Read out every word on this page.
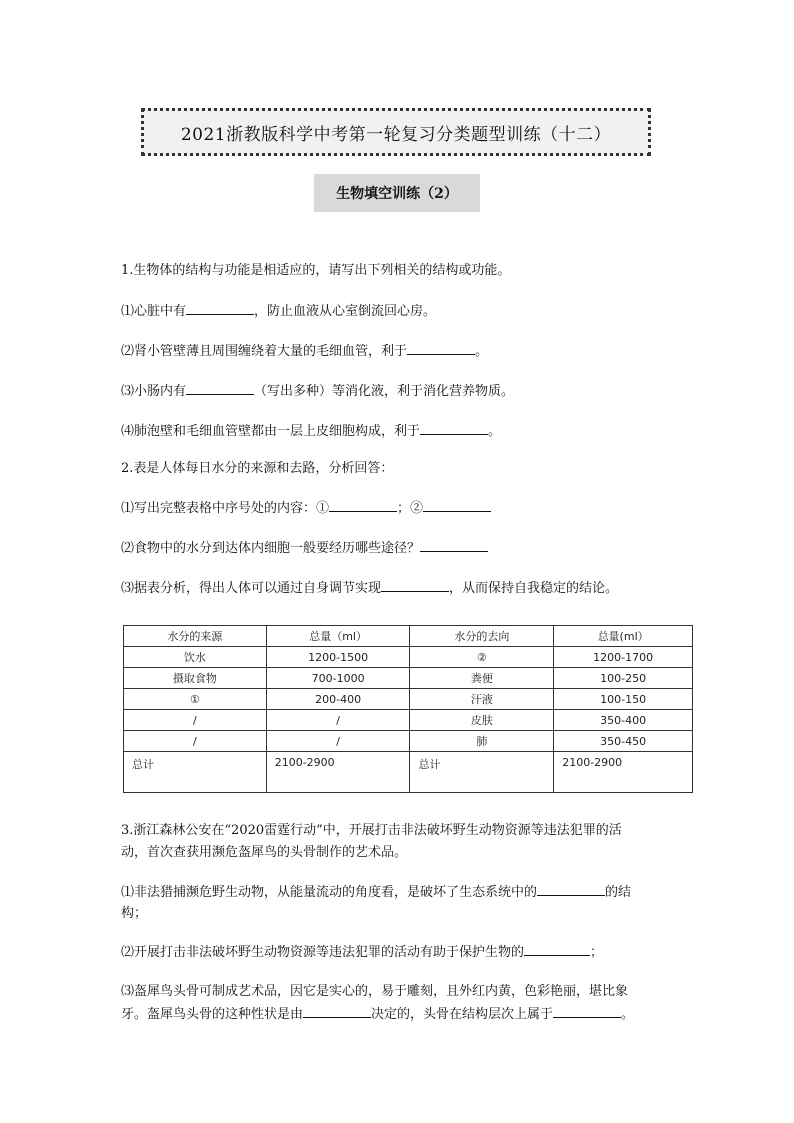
2021浙教版科学中考第一轮复习分类题型训练（十二）
生物填空训练（2）
1.生物体的结构与功能是相适应的，请写出下列相关的结构或功能。
⑴心脏中有	，防止血液从心室倒流回心房。
⑵肾小管壁薄且周围缠绕着大量的毛细血管，利于	。
⑶小肠内有	（写出多种）等消化液，利于消化营养物质。
⑷肺泡壁和毛细血管壁都由一层上皮细胞构成，利于	。
2.表是人体每日水分的来源和去路，分析回答：
⑴写出完整表格中序号处的内容：①	；②
⑵食物中的水分到达体内细胞一般要经历哪些途径？
⑶据表分析，得出人体可以通过自身调节实现	，从而保持自我稳定的结论。
水分的来源	总量（ml）	水分的去向	总量(ml）
饮水	1200-1500	②	1200-1700
摄取食物	700-1000	粪便	100-250
①	200-400	汗液	100-150
/	/	皮肤	350-400
/	/	肺	350-450
总计	2100-2900	总计	2100-2900
3.浙江森林公安在“2020雷霆行动”中，开展打击非法破坏野生动物资源等违法犯罪的活
动，首次查获用濒危盔犀鸟的头骨制作的艺术品。
⑴非法猎捕濒危野生动物，从能量流动的角度看，是破坏了生态系统中的	的结
构；
⑵开展打击非法破坏野生动物资源等违法犯罪的活动有助于保护生物的	；
⑶盔犀鸟头骨可制成艺术品，因它是实心的，易于雕刻，且外红内黄，色彩艳丽，堪比象
牙。盔犀鸟头骨的这种性状是由	决定的，头骨在结构层次上属于	。
